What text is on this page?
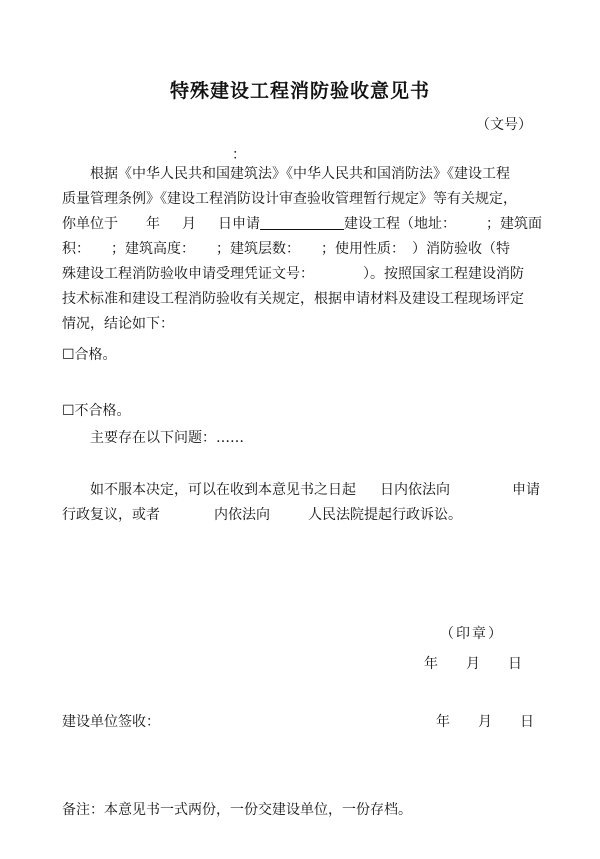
特殊建设工程消防验收意见书
（文号）
：
根据《中华人民共和国建筑法》《中华人民共和国消防法》《建设工程
质量管理条例》《建设工程消防设计审查验收管理暂行规定》等有关规定，
你单位于 年 月 日申请	建设工程（地址： ；建筑面
积：　　；建筑高度：　　；建筑层数：　　；使用性质：　）消防验收（特
殊建设工程消防验收申请受理凭证文号：　　　　）。按照国家工程建设消防
技术标准和建设工程消防验收有关规定，根据申请材料及建设工程现场评定
情况，结论如下：
☐合格。
☐不合格。
主要存在以下问题：……
如不服本决定，可以在收到本意见书之日起 日内依法向	申请
行政复议，或者	内依法向	人民法院提起行政诉讼。
（印章）
年 月 日
建设单位签收：	年 月 日
备注：本意见书一式两份，一份交建设单位，一份存档。
